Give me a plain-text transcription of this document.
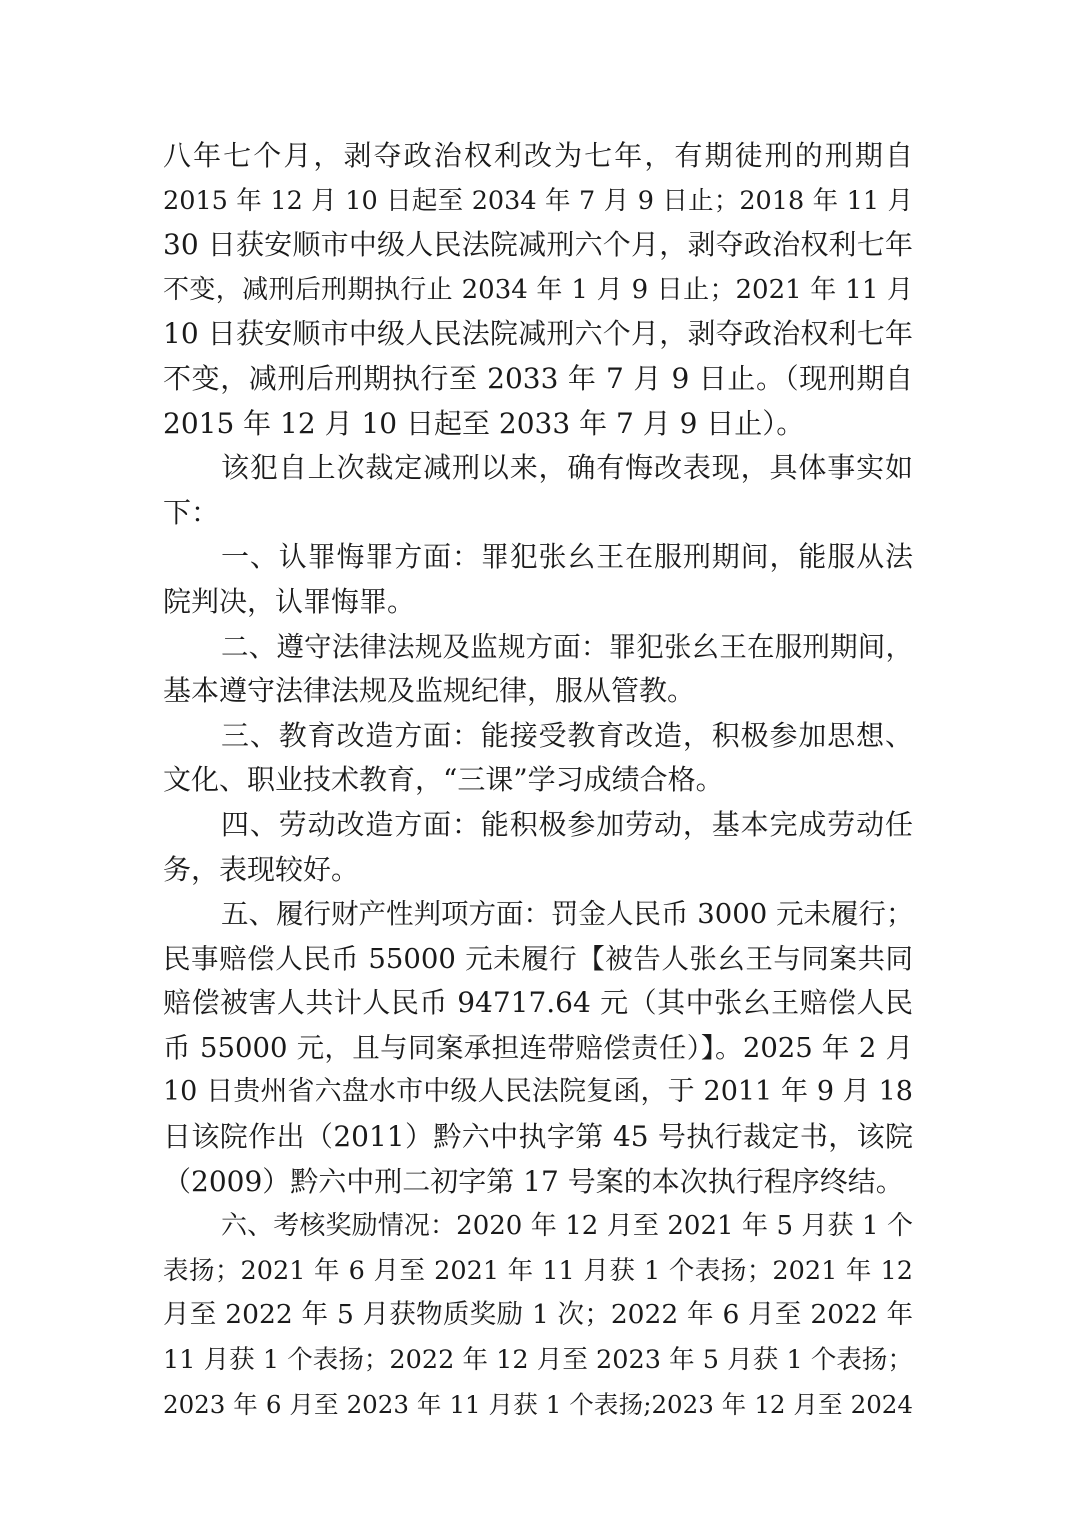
八年七个月，剥夺政治权利改为七年，有期徒刑的刑期自
2015 年 12 月 10 日起至 2034 年 7 月 9 日止；2018 年 11 月
30 日获安顺市中级人民法院减刑六个月，剥夺政治权利七年
不变，减刑后刑期执行止 2034 年 1 月 9 日止；2021 年 11 月
10 日获安顺市中级人民法院减刑六个月，剥夺政治权利七年
不变，减刑后刑期执行至 2033 年 7 月 9 日止。（现刑期自
2015 年 12 月 10 日起至 2033 年 7 月 9 日止）。
该犯自上次裁定减刑以来，确有悔改表现，具体事实如
下：
一、认罪悔罪方面：罪犯张幺王在服刑期间，能服从法
院判决，认罪悔罪。
二、遵守法律法规及监规方面：罪犯张幺王在服刑期间，
基本遵守法律法规及监规纪律，服从管教。
三、教育改造方面：能接受教育改造，积极参加思想、
文化、职业技术教育，“三课”学习成绩合格。
四、劳动改造方面：能积极参加劳动，基本完成劳动任
务，表现较好。
五、履行财产性判项方面：罚金人民币 3000 元未履行；
民事赔偿人民币 55000 元未履行【被告人张幺王与同案共同
赔偿被害人共计人民币 94717.64 元（其中张幺王赔偿人民
币 55000 元，且与同案承担连带赔偿责任）】。2025 年 2 月
10 日贵州省六盘水市中级人民法院复函，于 2011 年 9 月 18
日该院作出（2011）黔六中执字第 45 号执行裁定书，该院
（2009）黔六中刑二初字第 17 号案的本次执行程序终结。
六、考核奖励情况：2020 年 12 月至 2021 年 5 月获 1 个
表扬；2021 年 6 月至 2021 年 11 月获 1 个表扬；2021 年 12
月至 2022 年 5 月获物质奖励 1 次；2022 年 6 月至 2022 年
11 月获 1 个表扬；2022 年 12 月至 2023 年 5 月获 1 个表扬；
2023 年 6 月至 2023 年 11 月获 1 个表扬;2023 年 12 月至 2024
